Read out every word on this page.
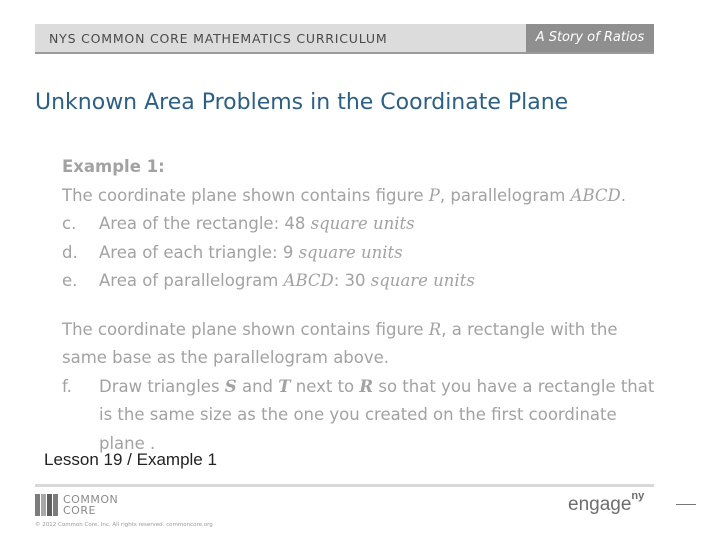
NYS COMMON CORE MATHEMATICS CURRICULUM	A Story of Ratios
Unknown Area Problems in the Coordinate Plane
Example 1:
The coordinate plane shown contains figure P, parallelogram ABCD.
c. Area of the rectangle: 48 square units
d. Area of each triangle: 9 square units
e. Area of parallelogram ABCD: 30 square units
The coordinate plane shown contains figure R, a rectangle with the same base as the parallelogram above.
f. Draw triangles S and T next to R so that you have a rectangle that is the same size as the one you created on the first coordinate plane .
Lesson 19 / Example 1
COMMON
CORE
© 2012 Common Core, Inc. All rights reserved. commoncore.org
engage$^{ny}$
